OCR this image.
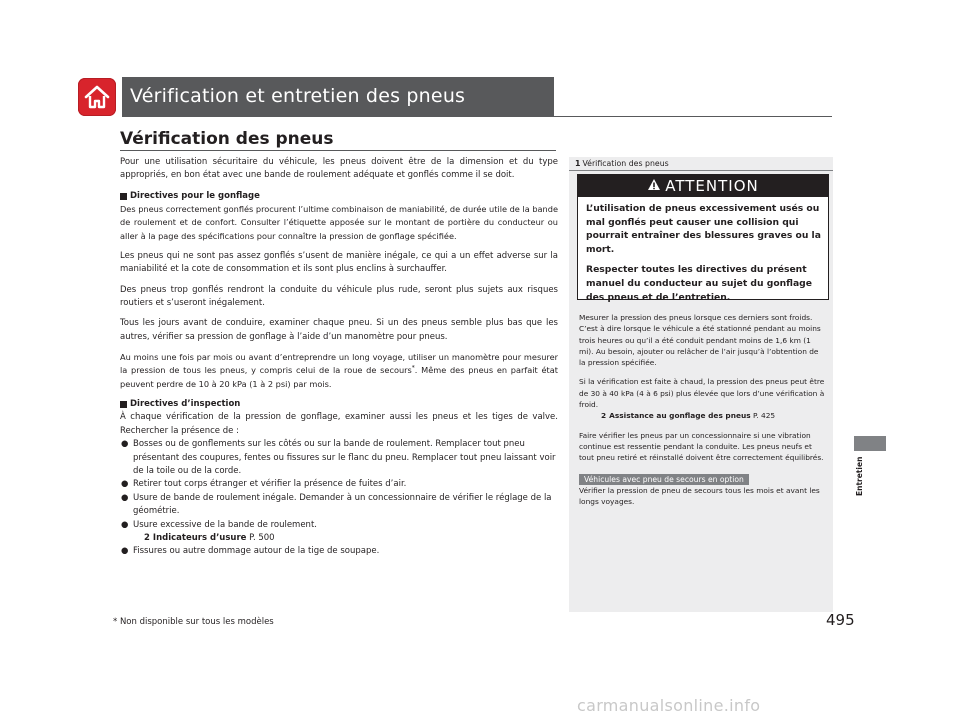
Vérification et entretien des pneus
Vérification des pneus

Pour une utilisation sécuritaire du véhicule, les pneus doivent être de la dimension et du type appropriés, en bon état avec une bande de roulement adéquate et gonflés comme il se doit.

Directives pour le gonflage

Des pneus correctement gonflés procurent l’ultime combinaison de maniabilité, de durée utile de la bande de roulement et de confort. Consulter l’étiquette apposée sur le montant de portière du conducteur ou aller à la page des spécifications pour connaître la pression de gonflage spécifiée.

Les pneus qui ne sont pas assez gonflés s’usent de manière inégale, ce qui a un effet adverse sur la maniabilité et la cote de consommation et ils sont plus enclins à surchauffer.

Des pneus trop gonflés rendront la conduite du véhicule plus rude, seront plus sujets aux risques routiers et s’useront inégalement.

Tous les jours avant de conduire, examiner chaque pneu. Si un des pneus semble plus bas que les autres, vérifier sa pression de gonflage à l’aide d’un manomètre pour pneus.

Au moins une fois par mois ou avant d’entreprendre un long voyage, utiliser un manomètre pour mesurer la pression de tous les pneus, y compris celui de la roue de secours*. Même des pneus en parfait état peuvent perdre de 10 à 20 kPa (1 à 2 psi) par mois.

Directives d’inspection

À chaque vérification de la pression de gonflage, examiner aussi les pneus et les tiges de valve. Rechercher la présence de :

● Bosses ou de gonflements sur les côtés ou sur la bande de roulement. Remplacer tout pneu présentant des coupures, fentes ou fissures sur le flanc du pneu. Remplacer tout pneu laissant voir de la toile ou de la corde.
● Retirer tout corps étranger et vérifier la présence de fuites d’air.
● Usure de bande de roulement inégale. Demander à un concessionnaire de vérifier le réglage de la géométrie.
● Usure excessive de la bande de roulement.
2 Indicateurs d’usure P. 500
● Fissures ou autre dommage autour de la tige de soupape.
1 Vérification des pneus
ATTENTION

L’utilisation de pneus excessivement usés ou mal gonflés peut causer une collision qui pourrait entraîner des blessures graves ou la mort.

Respecter toutes les directives du présent manuel du conducteur au sujet du gonflage des pneus et de l’entretien.

Mesurer la pression des pneus lorsque ces derniers sont froids. C’est à dire lorsque le véhicule a été stationné pendant au moins trois heures ou qu’il a été conduit pendant moins de 1,6 km (1 mi). Au besoin, ajouter ou relâcher de l’air jusqu’à l’obtention de la pression spécifiée.

Si la vérification est faite à chaud, la pression des pneus peut être de 30 à 40 kPa (4 à 6 psi) plus élevée que lors d’une vérification à froid.

2 Assistance au gonflage des pneus P. 425

Faire vérifier les pneus par un concessionnaire si une vibration continue est ressentie pendant la conduite. Les pneus neufs et tout pneu retiré et réinstallé doivent être correctement équilibrés.

Véhicules avec pneu de secours en option

Vérifier la pression de pneu de secours tous les mois et avant les longs voyages.

Entretien
* Non disponible sur tous les modèles	495
carmanualsonline.info
